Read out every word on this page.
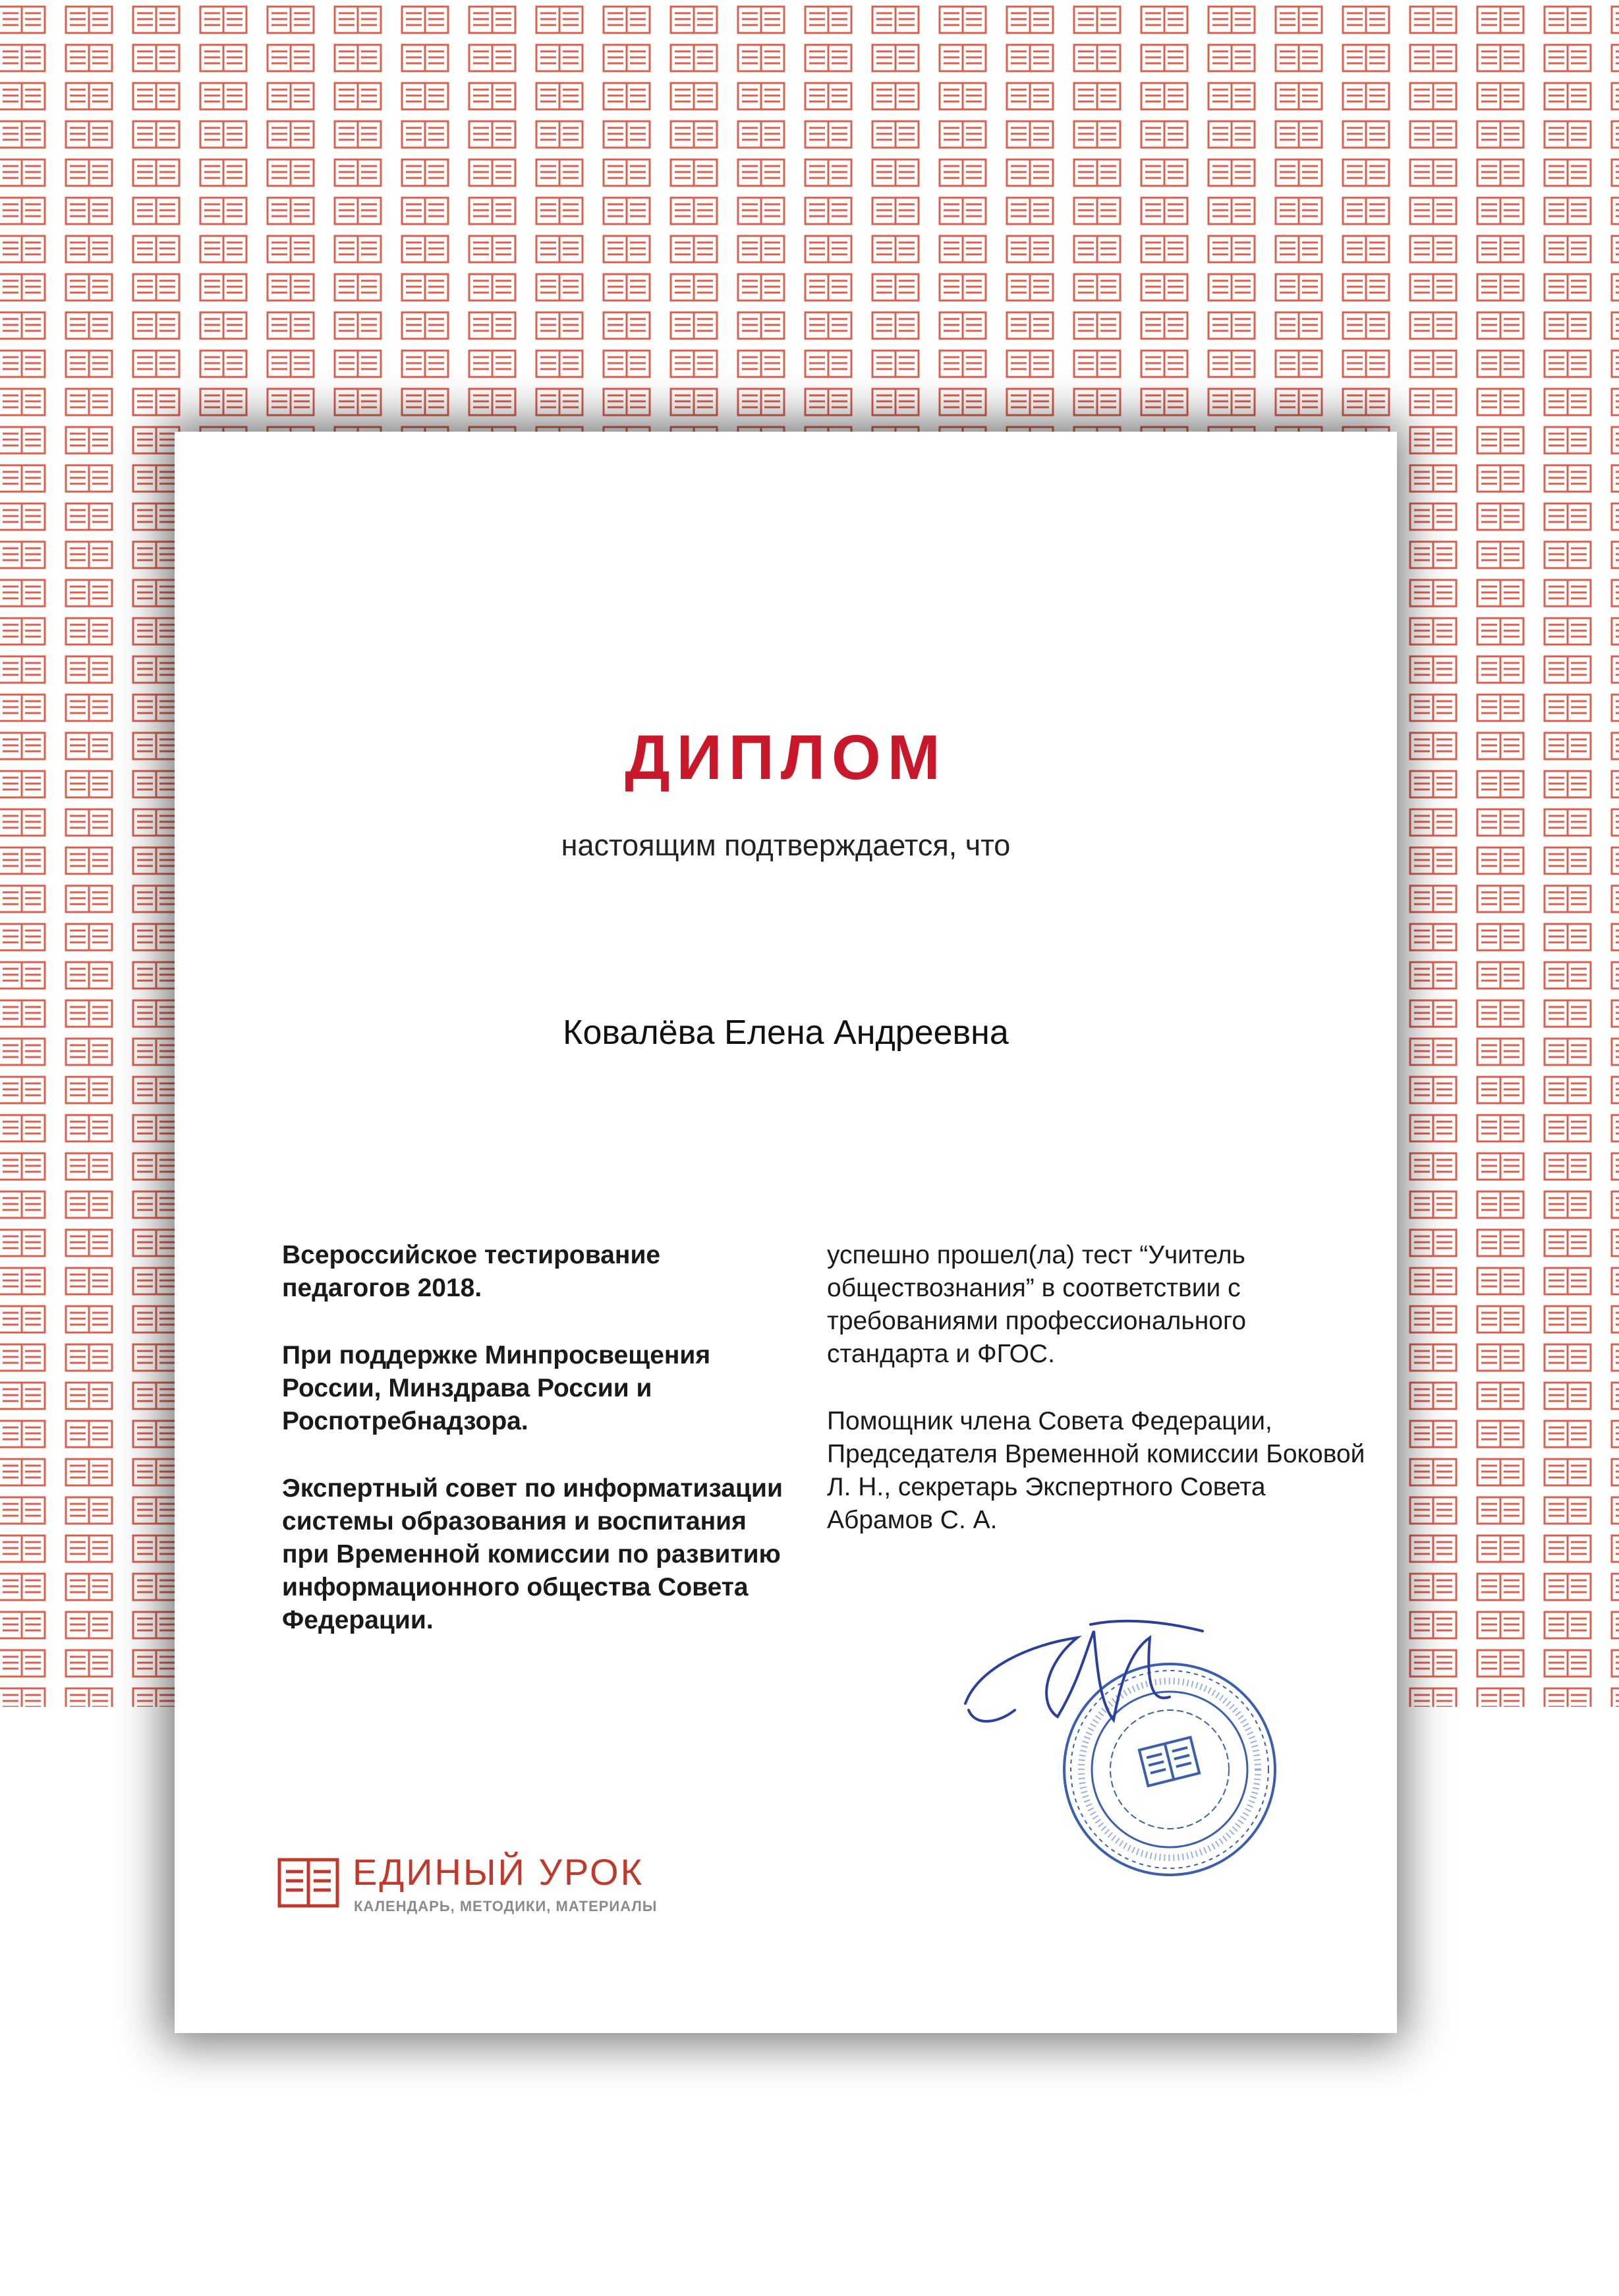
ДИПЛОМ
настоящим подтверждается, что
Ковалёва Елена Андреевна

Всероссийское тестирование педагогов 2018.

При поддержке Минпросвещения России, Минздрава России и Роспотребнадзора.

Экспертный совет по информатизации системы образования и воспитания при Временной комиссии по развитию информационного общества Совета Федерации.

успешно прошел(ла) тест “Учитель обществознания” в соответствии с требованиями профессионального стандарта и ФГОС.

Помощник члена Совета Федерации, Председателя Временной комиссии Боковой Л. Н., секретарь Экспертного Совета Абрамов С. А.

ЕДИНЫЙ УРОК
КАЛЕНДАРЬ, МЕТОДИКИ, МАТЕРИАЛЫ
